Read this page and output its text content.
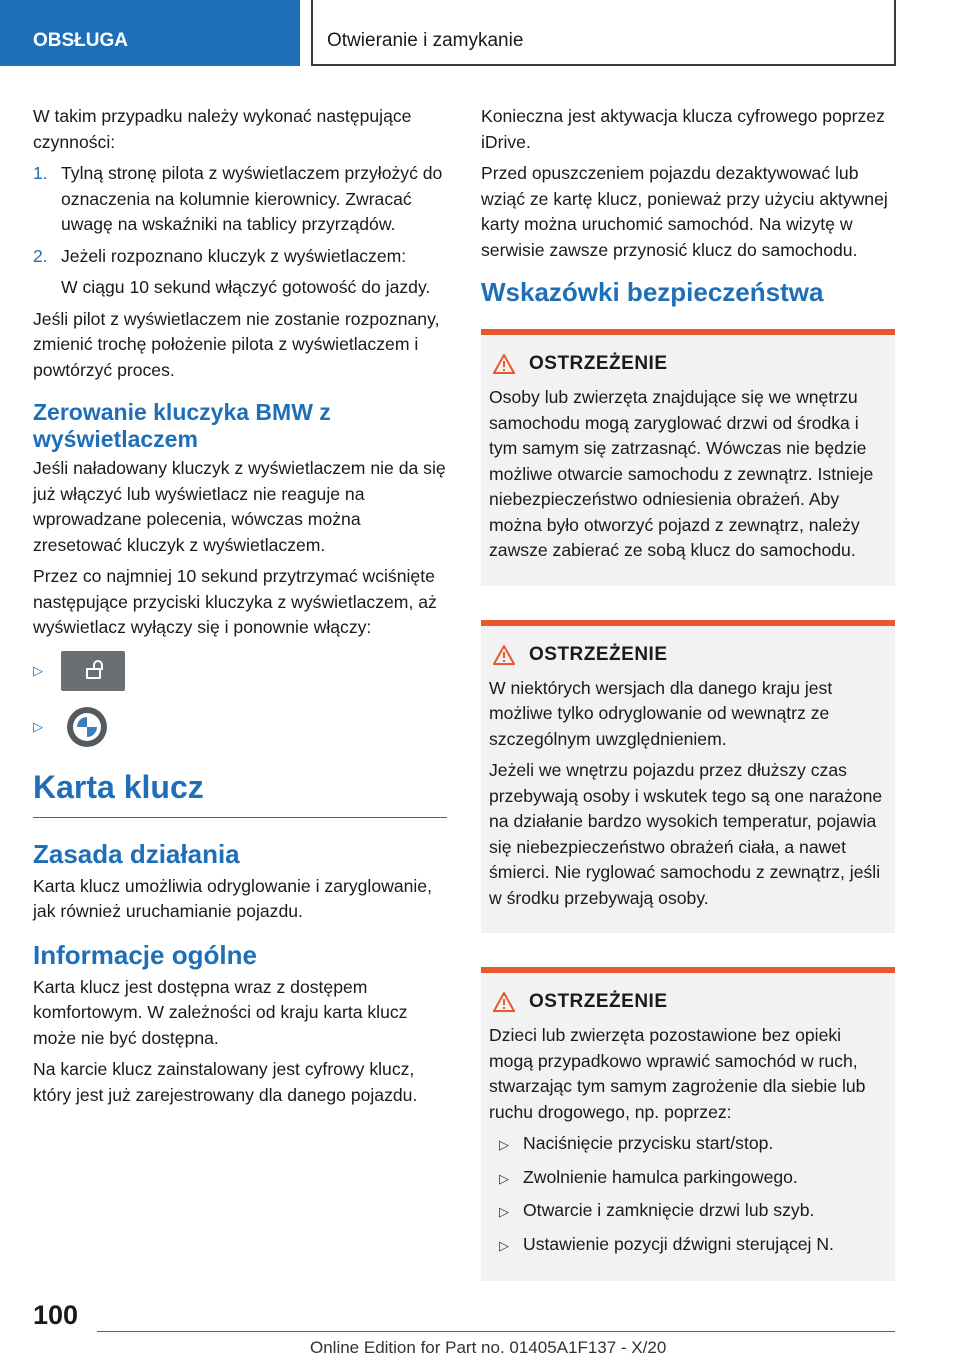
OBSŁUGA	Otwieranie i zamykanie

W takim przypadku należy wykonać następujące czynności:

1. Tylną stronę pilota z wyświetlaczem przyłożyć do oznaczenia na kolumnie kierownicy. Zwracać uwagę na wskaźniki na tablicy przyrządów.
2. Jeżeli rozpoznano kluczyk z wyświetlaczem:

W ciągu 10 sekund włączyć gotowość do jazdy.

Jeśli pilot z wyświetlaczem nie zostanie rozpoznany, zmienić trochę położenie pilota z wyświetlaczem i powtórzyć proces.

Zerowanie kluczyka BMW z wyświetlaczem

Jeśli naładowany kluczyk z wyświetlaczem nie da się już włączyć lub wyświetlacz nie reaguje na wprowadzane polecenia, wówczas można zresetować kluczyk z wyświetlaczem.

Przez co najmniej 10 sekund przytrzymać wciśnięte następujące przyciski kluczyka z wyświetlaczem, aż wyświetlacz wyłączy się i ponownie włączy:

▷
▷
Karta klucz
Zasada działania

Karta klucz umożliwia odryglowanie i zaryglowanie, jak również uruchamianie pojazdu.

Informacje ogólne

Karta klucz jest dostępna wraz z dostępem komfortowym. W zależności od kraju karta klucz może nie być dostępna.

Na karcie klucz zainstalowany jest cyfrowy klucz, który jest już zarejestrowany dla danego pojazdu.

Konieczna jest aktywacja klucza cyfrowego poprzez iDrive.

Przed opuszczeniem pojazdu dezaktywować lub wziąć ze kartę klucz, ponieważ przy użyciu aktywnej karty można uruchomić samochód. Na wizytę w serwisie zawsze przynosić klucz do samochodu.

Wskazówki bezpieczeństwa
OSTRZEŻENIE

Osoby lub zwierzęta znajdujące się we wnętrzu samochodu mogą zaryglować drzwi od środka i tym samym się zatrzasnąć. Wówczas nie będzie możliwe otwarcie samochodu z zewnątrz. Istnieje niebezpieczeństwo odniesienia obrażeń. Aby można było otworzyć pojazd z zewnątrz, należy zawsze zabierać ze sobą klucz do samochodu.

OSTRZEŻENIE

W niektórych wersjach dla danego kraju jest możliwe tylko odryglowanie od wewnątrz ze szczególnym uwzględnieniem.

Jeżeli we wnętrzu pojazdu przez dłuższy czas przebywają osoby i wskutek tego są one narażone na działanie bardzo wysokich temperatur, pojawia się niebezpieczeństwo obrażeń ciała, a nawet śmierci. Nie ryglować samochodu z zewnątrz, jeśli w środku przebywają osoby.

OSTRZEŻENIE

Dzieci lub zwierzęta pozostawione bez opieki mogą przypadkowo wprawić samochód w ruch, stwarzając tym samym zagrożenie dla siebie lub ruchu drogowego, np. poprzez:

▷ Naciśnięcie przycisku start/stop.
▷ Zwolnienie hamulca parkingowego.
▷ Otwarcie i zamknięcie drzwi lub szyb.
▷ Ustawienie pozycji dźwigni sterującej N.
100
Online Edition for Part no. 01405A1F137 - X/20
